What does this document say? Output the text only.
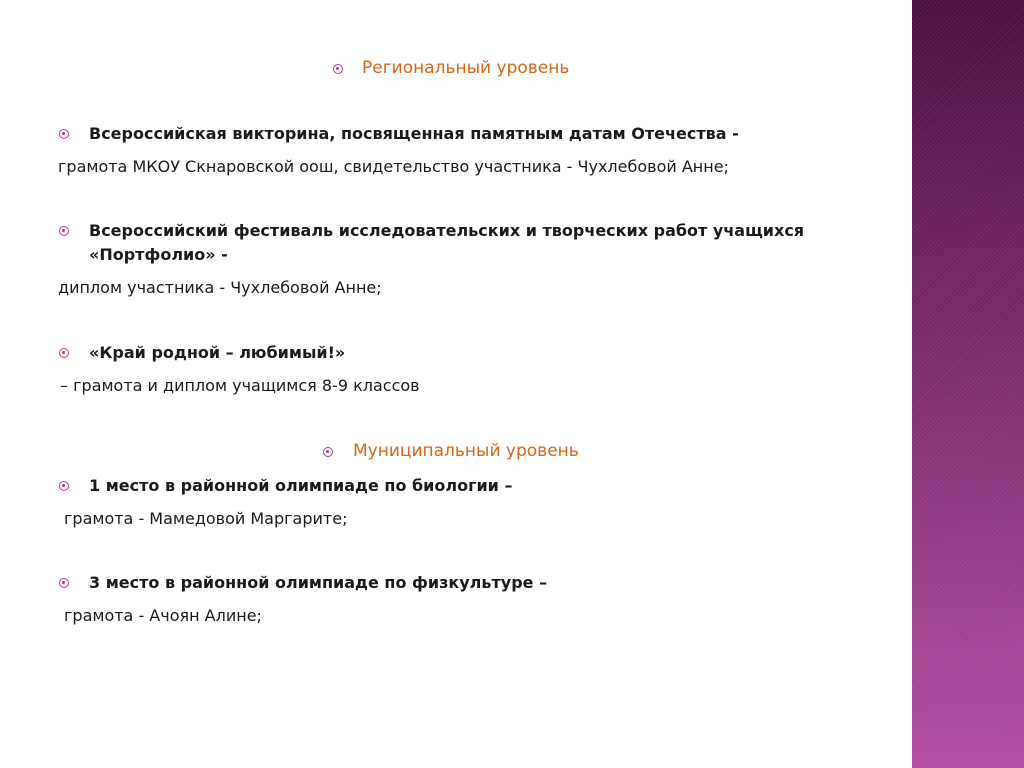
Региональный уровень
Всероссийская викторина, посвященная памятным датам Отечества -
грамота МКОУ Скнаровской оош, свидетельство участника - Чухлебовой Анне;
Всероссийский фестиваль исследовательских и творческих работ учащихся
«Портфолио» -
диплом участника - Чухлебовой Анне;
«Край родной – любимый!»
– грамота и диплом учащимся 8-9 классов
Муниципальный уровень
1 место в районной олимпиаде по биологии –
грамота - Мамедовой Маргарите;
3 место в районной олимпиаде по физкультуре –
грамота - Ачоян Алине;
